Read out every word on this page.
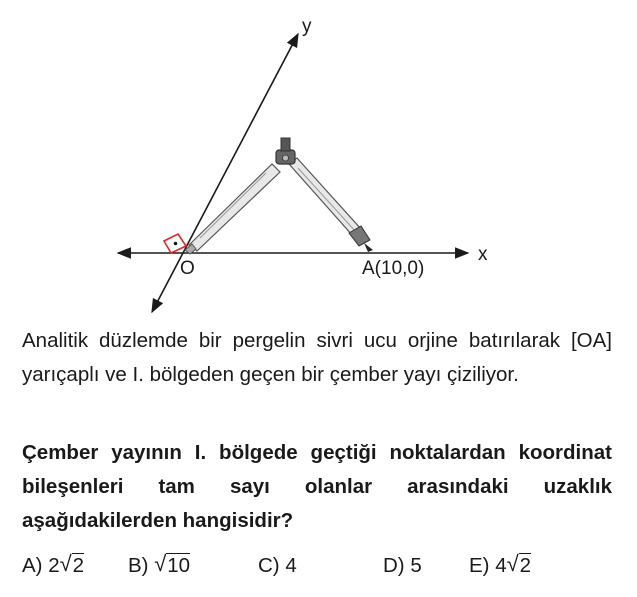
y
x
O	A(10,0)
Analitik düzlemde bir pergelin sivri ucu orjine batırılarak [OA] yarıçaplı ve I. bölgeden geçen bir çember yayı çiziliyor.
Çember yayının I. bölgede geçtiği noktalardan koordinat bileşenleri tam sayı olanlar arasındaki uzaklık aşağıdakilerden hangisidir?
A) 2 √ 2 B) √ 10	C) 4	D) 5 E) 4 √ 2
